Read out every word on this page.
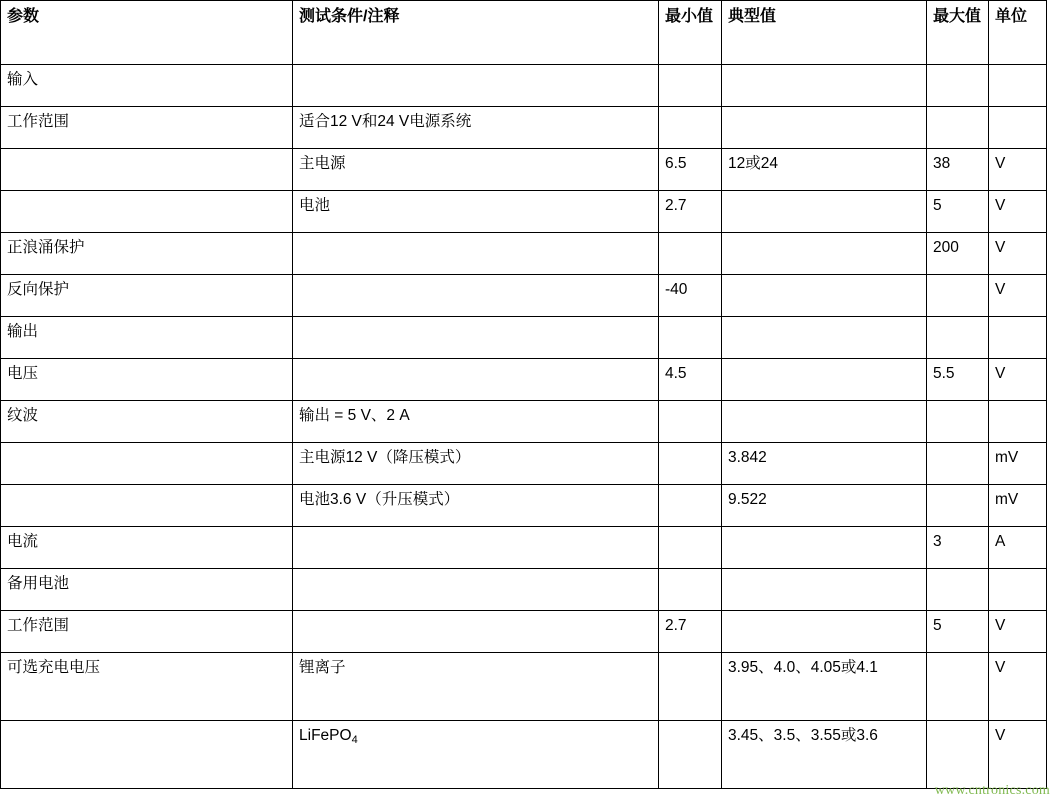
参数	测试条件/注释	最小值	典型值	最大值	单位
输入					
工作范围	适合12 V和24 V电源系统				
	主电源	6.5	12或24	38	V
	电池	2.7		5	V
正浪涌保护				200	V
反向保护		-40			V
输出					
电压		4.5		5.5	V
纹波	输出 = 5 V、2 A				
	主电源12 V（降压模式）		3.842		mV
	电池3.6 V（升压模式）		9.522		mV
电流				3	A
备用电池					
工作范围		2.7		5	V
可选充电电压	锂离子		3.95、4.0、4.05或4.1		V
	LiFePO4		3.45、3.5、3.55或3.6		V
www.cntronics.com
